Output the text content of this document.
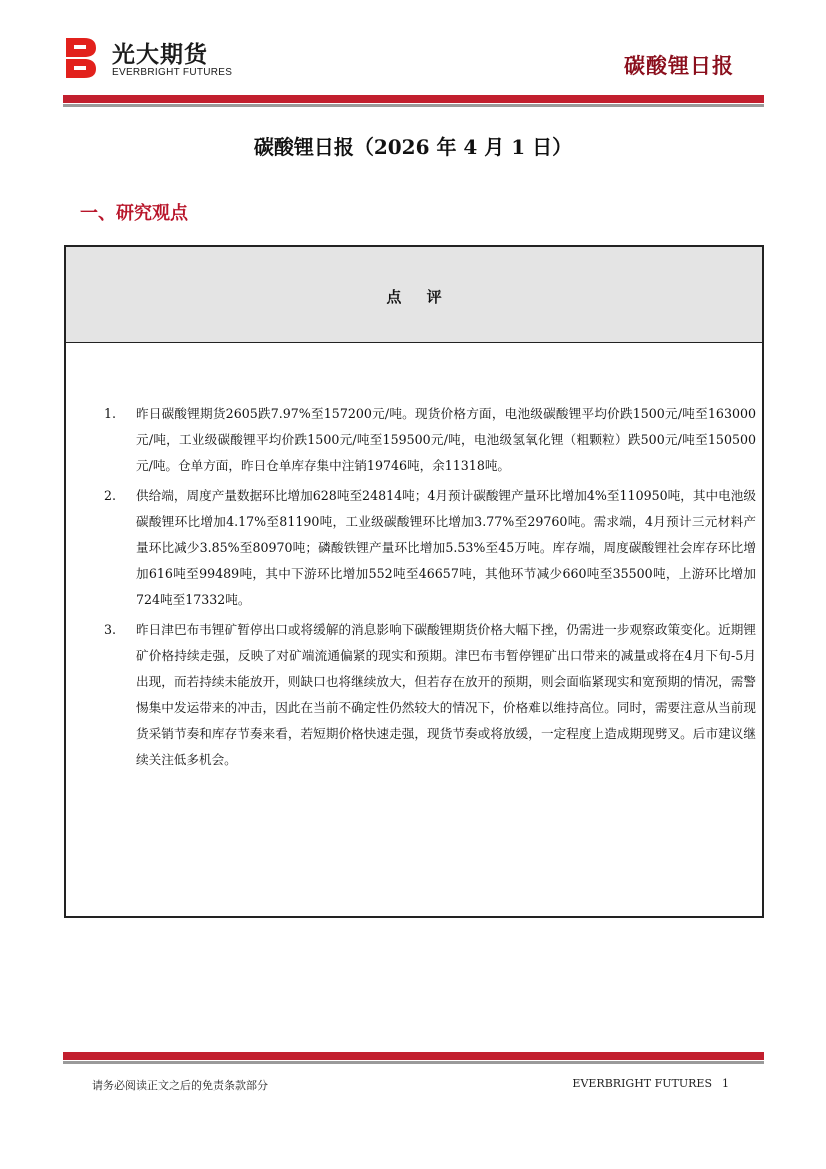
光大期货
EVERBRIGHT FUTURES	碳酸锂日报
碳酸锂日报（2026 年 4 月 1 日）
一、研究观点
点 评
1.	昨日碳酸锂期货2605跌7.97%至157200元/吨。现货价格方面，电池级碳酸锂平均价跌1500元/吨至163000元/吨，工业级碳酸锂平均价跌1500元/吨至159500元/吨，电池级氢氧化锂（粗颗粒）跌500元/吨至150500元/吨。仓单方面，昨日仓单库存集中注销19746吨，余11318吨。
2.	供给端，周度产量数据环比增加628吨至24814吨；4月预计碳酸锂产量环比增加4%至110950吨，其中电池级碳酸锂环比增加4.17%至81190吨，工业级碳酸锂环比增加3.77%至29760吨。需求端，4月预计三元材料产量环比减少3.85%至80970吨；磷酸铁锂产量环比增加5.53%至45万吨。库存端，周度碳酸锂社会库存环比增加616吨至99489吨，其中下游环比增加552吨至46657吨，其他环节减少660吨至35500吨，上游环比增加724吨至17332吨。
3.	昨日津巴布韦锂矿暂停出口或将缓解的消息影响下碳酸锂期货价格大幅下挫，仍需进一步观察政策变化。近期锂矿价格持续走强，反映了对矿端流通偏紧的现实和预期。津巴布韦暂停锂矿出口带来的减量或将在4月下旬-5月出现，而若持续未能放开，则缺口也将继续放大，但若存在放开的预期，则会面临紧现实和宽预期的情况，需警惕集中发运带来的冲击，因此在当前不确定性仍然较大的情况下，价格难以维持高位。同时，需要注意从当前现货采销节奏和库存节奏来看，若短期价格快速走强，现货节奏或将放缓，一定程度上造成期现劈叉。后市建议继续关注低多机会。
请务必阅读正文之后的免责条款部分	EVERBRIGHT FUTURES 1
